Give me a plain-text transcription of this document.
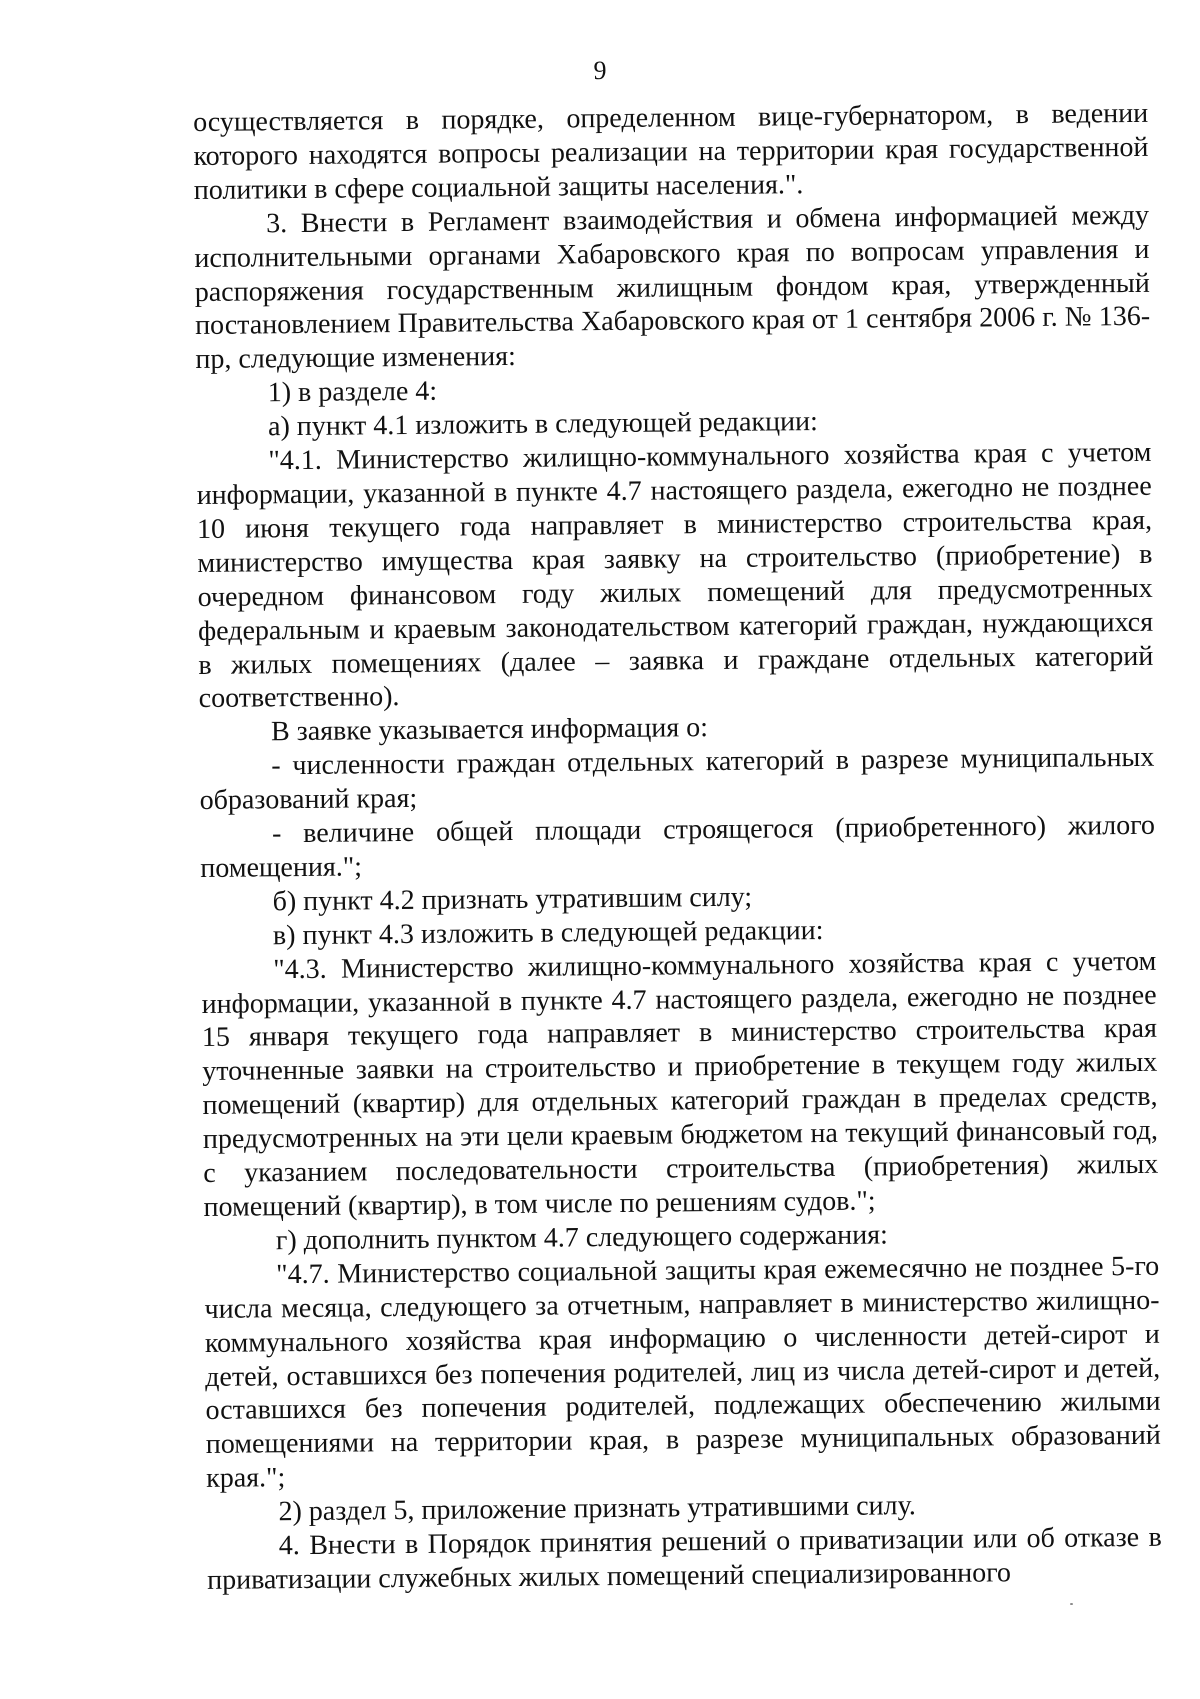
9

осуществляется в порядке, определенном вице-губернатором, в ведении которого находятся вопросы реализации на территории края государственной политики в сфере социальной защиты населения.".

3. Внести в Регламент взаимодействия и обмена информацией между исполнительными органами Хабаровского края по вопросам управления и распоряжения государственным жилищным фондом края, утвержденный постановлением Правительства Хабаровского края от 1 сентября 2006 г. № 136-пр, следующие изменения:

1) в разделе 4:

а) пункт 4.1 изложить в следующей редакции:

"4.1. Министерство жилищно-коммунального хозяйства края с учетом информации, указанной в пункте 4.7 настоящего раздела, ежегодно не позднее 10 июня текущего года направляет в министерство строительства края, министерство имущества края заявку на строительство (приобретение) в очередном финансовом году жилых помещений для предусмотренных федеральным и краевым законодательством категорий граждан, нуждающихся в жилых помещениях (далее – заявка и граждане отдельных категорий соответственно).

В заявке указывается информация о:

- численности граждан отдельных категорий в разрезе муниципальных образований края;

- величине общей площади строящегося (приобретенного) жилого помещения.";

б) пункт 4.2 признать утратившим силу;

в) пункт 4.3 изложить в следующей редакции:

"4.3. Министерство жилищно-коммунального хозяйства края с учетом информации, указанной в пункте 4.7 настоящего раздела, ежегодно не позднее 15 января текущего года направляет в министерство строительства края уточненные заявки на строительство и приобретение в текущем году жилых помещений (квартир) для отдельных категорий граждан в пределах средств, предусмотренных на эти цели краевым бюджетом на текущий финансовый год, с указанием последовательности строительства (приобретения) жилых помещений (квартир), в том числе по решениям судов.";

г) дополнить пунктом 4.7 следующего содержания:

"4.7. Министерство социальной защиты края ежемесячно не позднее 5-го числа месяца, следующего за отчетным, направляет в министерство жилищно-коммунального хозяйства края информацию о численности детей-сирот и детей, оставшихся без попечения родителей, лиц из числа детей-сирот и детей, оставшихся без попечения родителей, подлежащих обеспечению жилыми помещениями на территории края, в разрезе муниципальных образований края.";

2) раздел 5, приложение признать утратившими силу.

4. Внести в Порядок принятия решений о приватизации или об отказе в приватизации служебных жилых помещений специализированного
